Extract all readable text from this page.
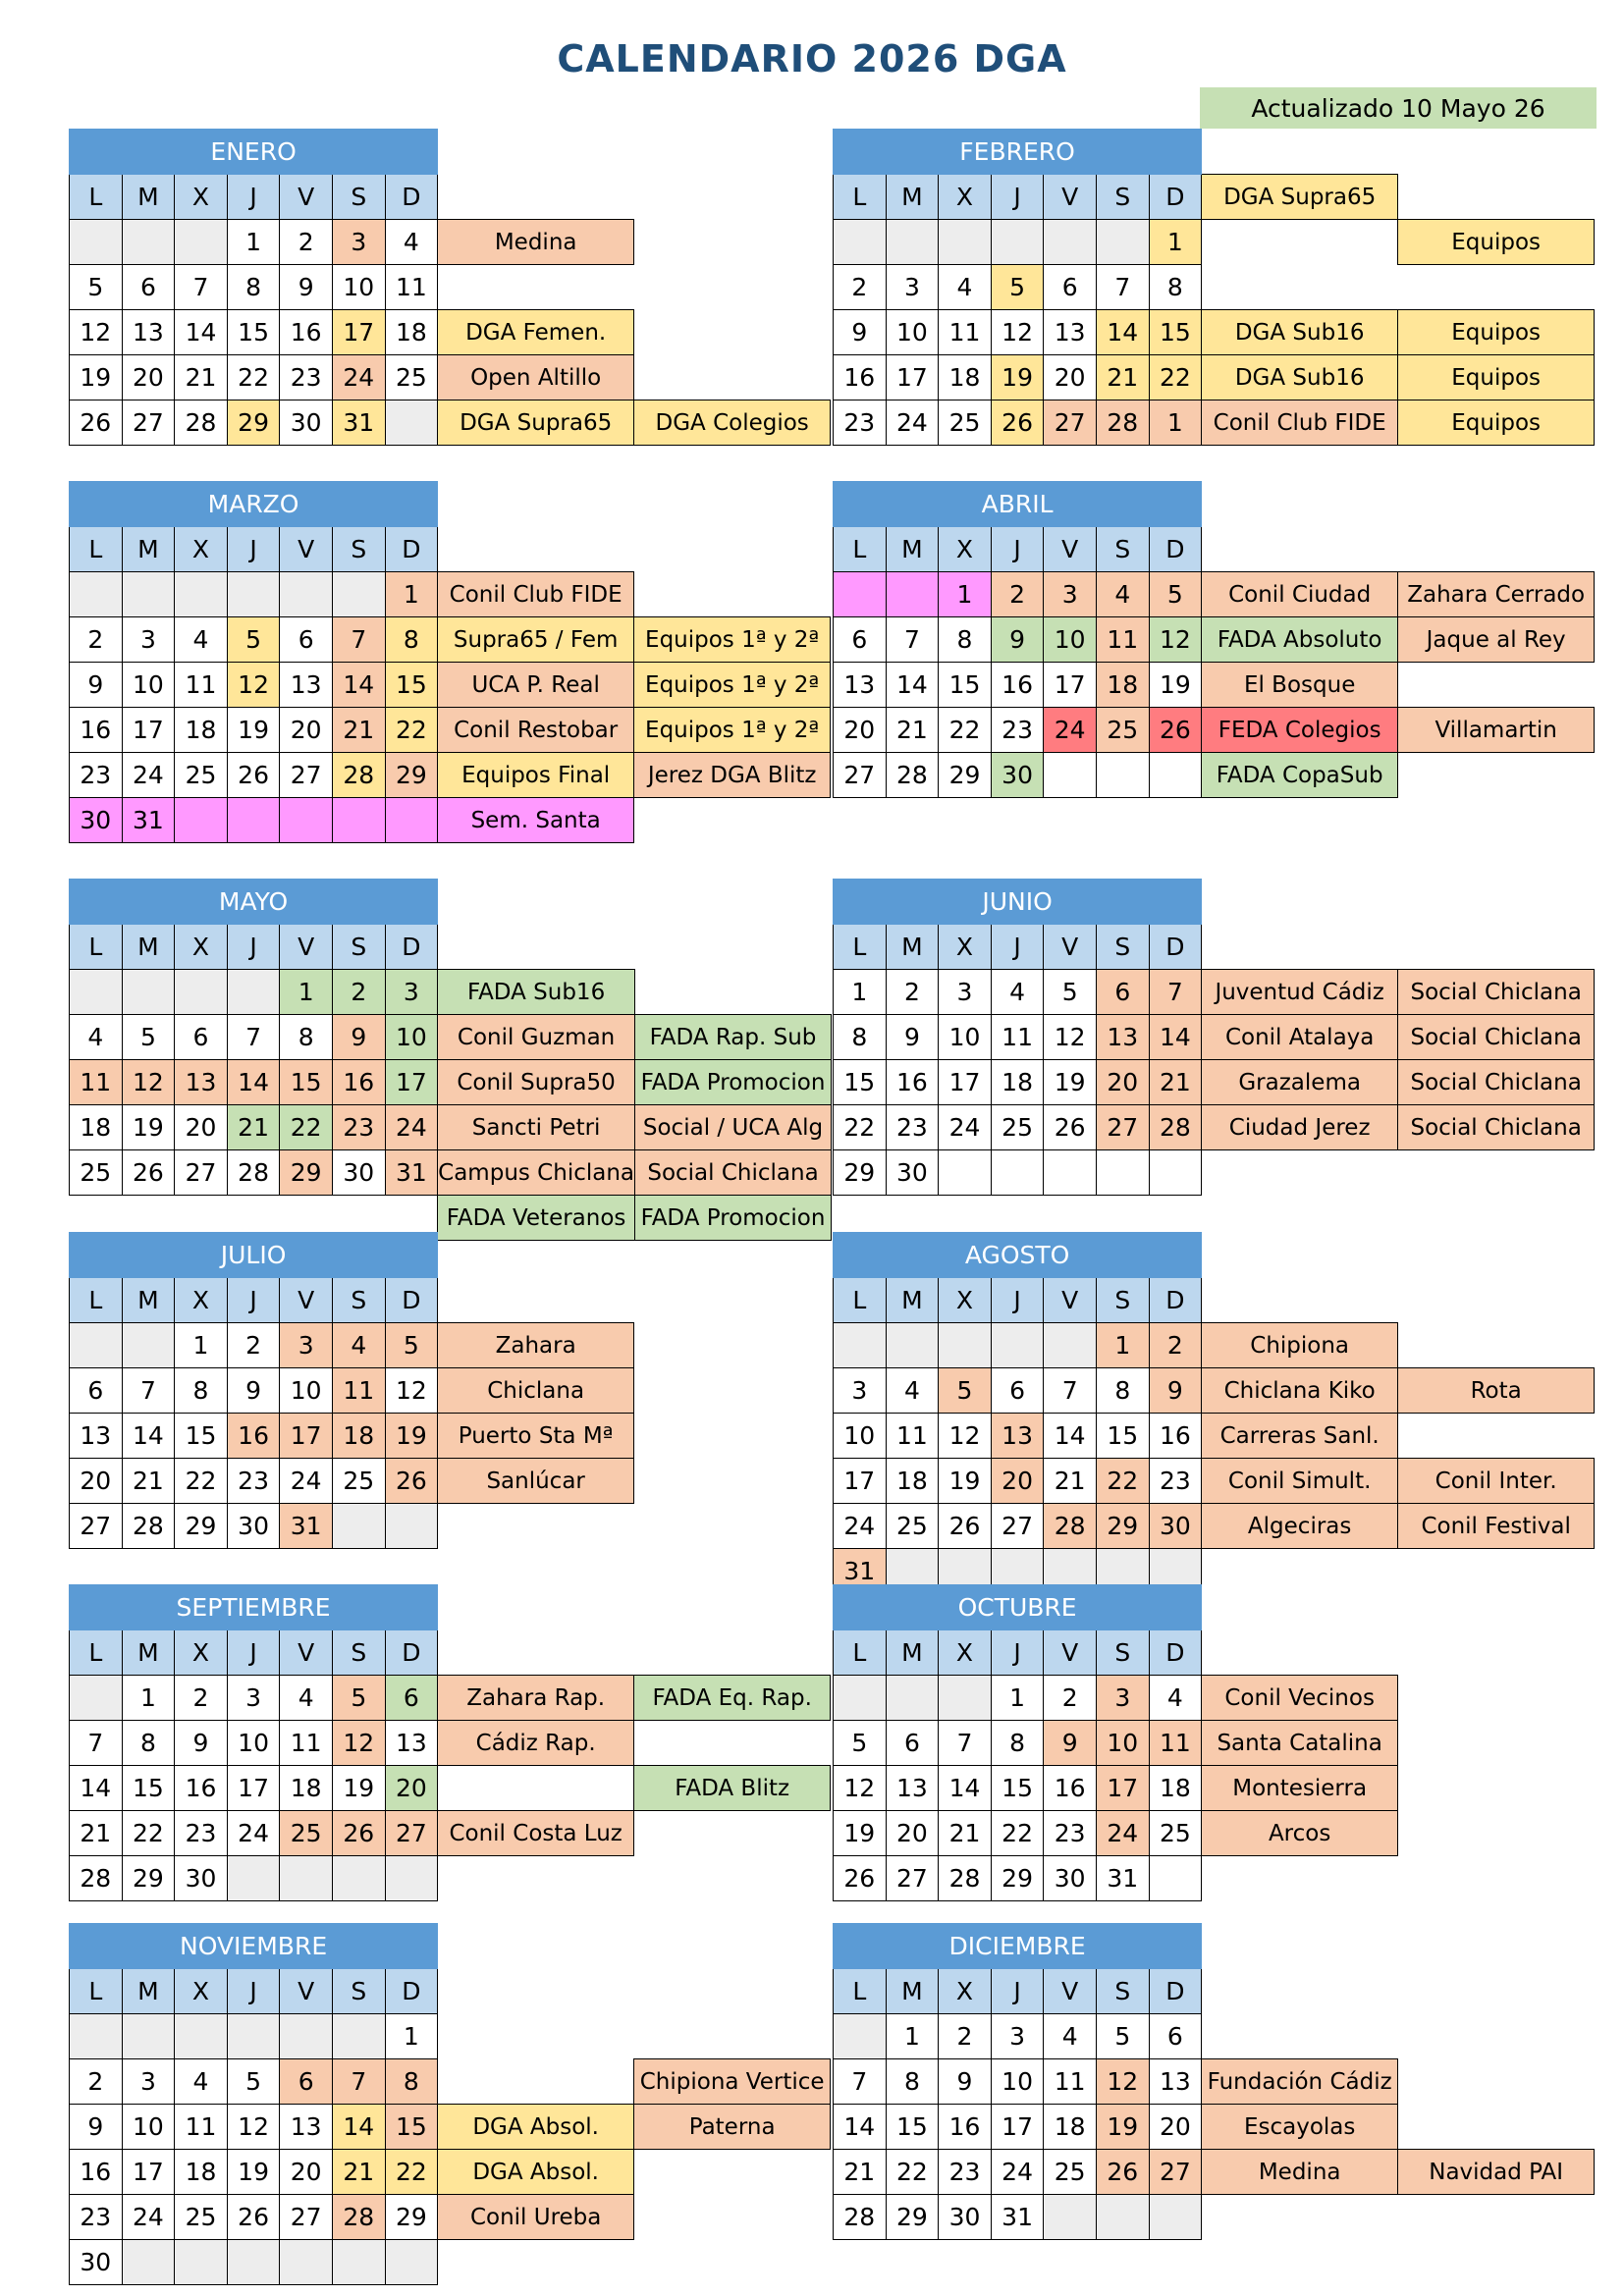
CALENDARIO 2026 DGA
Actualizado 10 Mayo 26
ENERO								
L	M	X	J	V	S	D		
			1	2	3	4	Medina	
5	6	7	8	9	10	11		
12	13	14	15	16	17	18	DGA Femen.	
19	20	21	22	23	24	25	Open Altillo	
26	27	28	29	30	31		DGA Supra65	DGA Colegios
FEBRERO								
L	M	X	J	V	S	D	DGA Supra65	
						1		Equipos
2	3	4	5	6	7	8		
9	10	11	12	13	14	15	DGA Sub16	Equipos
16	17	18	19	20	21	22	DGA Sub16	Equipos
23	24	25	26	27	28	1	Conil Club FIDE	Equipos
MARZO								
L	M	X	J	V	S	D		
						1	Conil Club FIDE	
2	3	4	5	6	7	8	Supra65 / Fem	Equipos 1ª y 2ª
9	10	11	12	13	14	15	UCA P. Real	Equipos 1ª y 2ª
16	17	18	19	20	21	22	Conil Restobar	Equipos 1ª y 2ª
23	24	25	26	27	28	29	Equipos Final	Jerez DGA Blitz
30	31						Sem. Santa	
ABRIL								
L	M	X	J	V	S	D		
		1	2	3	4	5	Conil Ciudad	Zahara Cerrado
6	7	8	9	10	11	12	FADA Absoluto	Jaque al Rey
13	14	15	16	17	18	19	El Bosque	
20	21	22	23	24	25	26	FEDA Colegios	Villamartin
27	28	29	30				FADA CopaSub	
MAYO								
L	M	X	J	V	S	D		
				1	2	3	FADA Sub16	
4	5	6	7	8	9	10	Conil Guzman	FADA Rap. Sub
11	12	13	14	15	16	17	Conil Supra50	FADA Promocion
18	19	20	21	22	23	24	Sancti Petri	Social / UCA Alg
25	26	27	28	29	30	31	Campus Chiclana	Social Chiclana
							FADA Veteranos	FADA Promocion
JUNIO								
L	M	X	J	V	S	D		
1	2	3	4	5	6	7	Juventud Cádiz	Social Chiclana
8	9	10	11	12	13	14	Conil Atalaya	Social Chiclana
15	16	17	18	19	20	21	Grazalema	Social Chiclana
22	23	24	25	26	27	28	Ciudad Jerez	Social Chiclana
29	30							
JULIO								
L	M	X	J	V	S	D		
		1	2	3	4	5	Zahara	
6	7	8	9	10	11	12	Chiclana	
13	14	15	16	17	18	19	Puerto Sta Mª	
20	21	22	23	24	25	26	Sanlúcar	
27	28	29	30	31				
AGOSTO								
L	M	X	J	V	S	D		
					1	2	Chipiona	
3	4	5	6	7	8	9	Chiclana Kiko	Rota
10	11	12	13	14	15	16	Carreras Sanl.	
17	18	19	20	21	22	23	Conil Simult.	Conil Inter.
24	25	26	27	28	29	30	Algeciras	Conil Festival
31								
SEPTIEMBRE								
L	M	X	J	V	S	D		
	1	2	3	4	5	6	Zahara Rap.	FADA Eq. Rap.
7	8	9	10	11	12	13	Cádiz Rap.	
14	15	16	17	18	19	20		FADA Blitz
21	22	23	24	25	26	27	Conil Costa Luz	
28	29	30						
OCTUBRE								
L	M	X	J	V	S	D		
			1	2	3	4	Conil Vecinos	
5	6	7	8	9	10	11	Santa Catalina	
12	13	14	15	16	17	18	Montesierra	
19	20	21	22	23	24	25	Arcos	
26	27	28	29	30	31			
NOVIEMBRE								
L	M	X	J	V	S	D		
						1		
2	3	4	5	6	7	8		Chipiona Vertice
9	10	11	12	13	14	15	DGA Absol.	Paterna
16	17	18	19	20	21	22	DGA Absol.	
23	24	25	26	27	28	29	Conil Ureba	
30								
DICIEMBRE								
L	M	X	J	V	S	D		
	1	2	3	4	5	6		
7	8	9	10	11	12	13	Fundación Cádiz	
14	15	16	17	18	19	20	Escayolas	
21	22	23	24	25	26	27	Medina	Navidad PAI
28	29	30	31					
